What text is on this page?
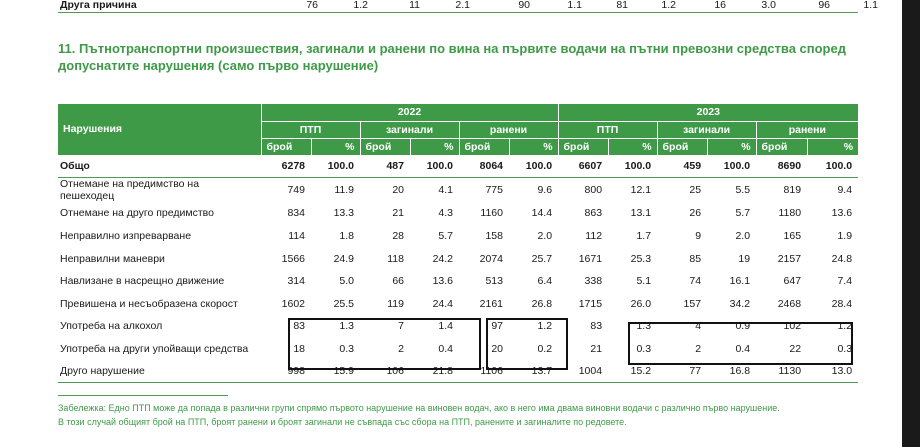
Друга причина	76	1.2	11	2.1	90	1.1	81	1.2	16	3.0	96	1.1
11. Пътнотранспортни произшествия, загинали и ранени по вина на първите водачи на пътни превозни средства според допуснатите нарушения (само първо нарушение)
Нарушения	2022						2023					
	ПТП		загинали		ранени		ПТП		загинали		ранени	
	брой	%	брой	%	брой	%	брой	%	брой	%	брой	%
Общо	6278	100.0	487	100.0	8064	100.0	6607	100.0	459	100.0	8690	100.0
Отнемане на предимство на пешеходец	749	11.9	20	4.1	775	9.6	800	12.1	25	5.5	819	9.4
Отнемане на друго предимство	834	13.3	21	4.3	1160	14.4	863	13.1	26	5.7	1180	13.6
Неправилно изпреварване	114	1.8	28	5.7	158	2.0	112	1.7	9	2.0	165	1.9
Неправилни маневри	1566	24.9	118	24.2	2074	25.7	1671	25.3	85	19	2157	24.8
Навлизане в насрещно движение	314	5.0	66	13.6	513	6.4	338	5.1	74	16.1	647	7.4
Превишена и несъобразена скорост	1602	25.5	119	24.4	2161	26.8	1715	26.0	157	34.2	2468	28.4
Употреба на алкохол	83	1.3	7	1.4	97	1.2	83	1.3	4	0.9	102	1.2
Употреба на други упойващи средства	18	0.3	2	0.4	20	0.2	21	0.3	2	0.4	22	0.3
Друго нарушение	998	15.9	106	21.8	1106	13.7	1004	15.2	77	16.8	1130	13.0
Забележка: Едно ПТП може да попада в различни групи спрямо първото нарушение на виновен водач, ако в него има двама виновни водачи с различно първо нарушение.
В този случай общият брой на ПТП, броят ранени и броят загинали не съвпада със сбора на ПТП, ранените и загиналите по редовете.
